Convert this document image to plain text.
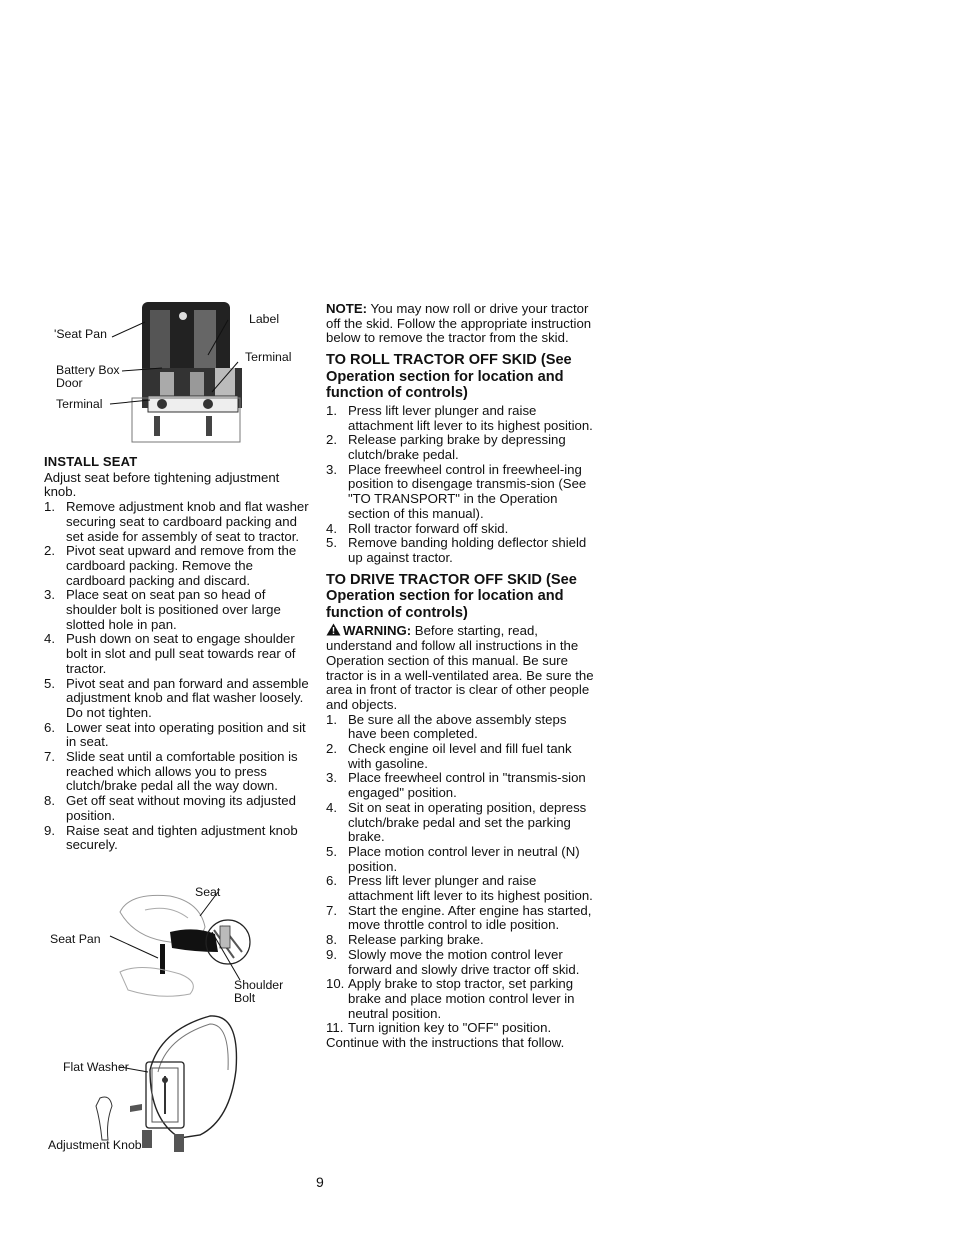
'Seat Pan
Label
Terminal
Battery Box
Door
Terminal
INSTALL SEAT

Adjust seat before tightening adjustment knob.

1. Remove adjustment knob and flat washer securing seat to cardboard packing and set aside for assembly of seat to tractor.
2. Pivot seat upward and remove from the cardboard packing. Remove the cardboard packing and discard.
3. Place seat on seat pan so head of shoulder bolt is positioned over large slotted hole in pan.
4. Push down on seat to engage shoulder bolt in slot and pull seat towards rear of tractor.
5. Pivot seat and pan forward and assemble adjustment knob and flat washer loosely. Do not tighten.
6. Lower seat into operating position and sit in seat.
7. Slide seat until a comfortable position is reached which allows you to press clutch/brake pedal all the way down.
8. Get off seat without moving its adjusted position.
9. Raise seat and tighten adjustment knob securely.
Seat
Seat Pan
Shoulder
Bolt
Flat Washer
Adjustment Knob

NOTE: You may now roll or drive your tractor off the skid. Follow the appropriate instruction below to remove the tractor from the skid.

TO ROLL TRACTOR OFF SKID (See Operation section for location and function of controls)
1. Press lift lever plunger and raise attachment lift lever to its highest position.
2. Release parking brake by depressing clutch/brake pedal.
3. Place freewheel control in freewheel-ing position to disengage transmis-sion (See "TO TRANSPORT" in the Operation section of this manual).
4. Roll tractor forward off skid.
5. Remove banding holding deflector shield up against tractor.
TO DRIVE TRACTOR OFF SKID (See Operation section for location and function of controls)

WARNING: Before starting, read, understand and follow all instructions in the Operation section of this manual. Be sure tractor is in a well-ventilated area. Be sure the area in front of tractor is clear of other people and objects.

1. Be sure all the above assembly steps have been completed.
2. Check engine oil level and fill fuel tank with gasoline.
3. Place freewheel control in "transmis-sion engaged" position.
4. Sit on seat in operating position, depress clutch/brake pedal and set the parking brake.
5. Place motion control lever in neutral (N) position.
6. Press lift lever plunger and raise attachment lift lever to its highest position.
7. Start the engine. After engine has started, move throttle control to idle position.
8. Release parking brake.
9. Slowly move the motion control lever forward and slowly drive tractor off skid.
10. Apply brake to stop tractor, set parking brake and place motion control lever in neutral position.
11. Turn ignition key to "OFF" position.

Continue with the instructions that follow.

9
